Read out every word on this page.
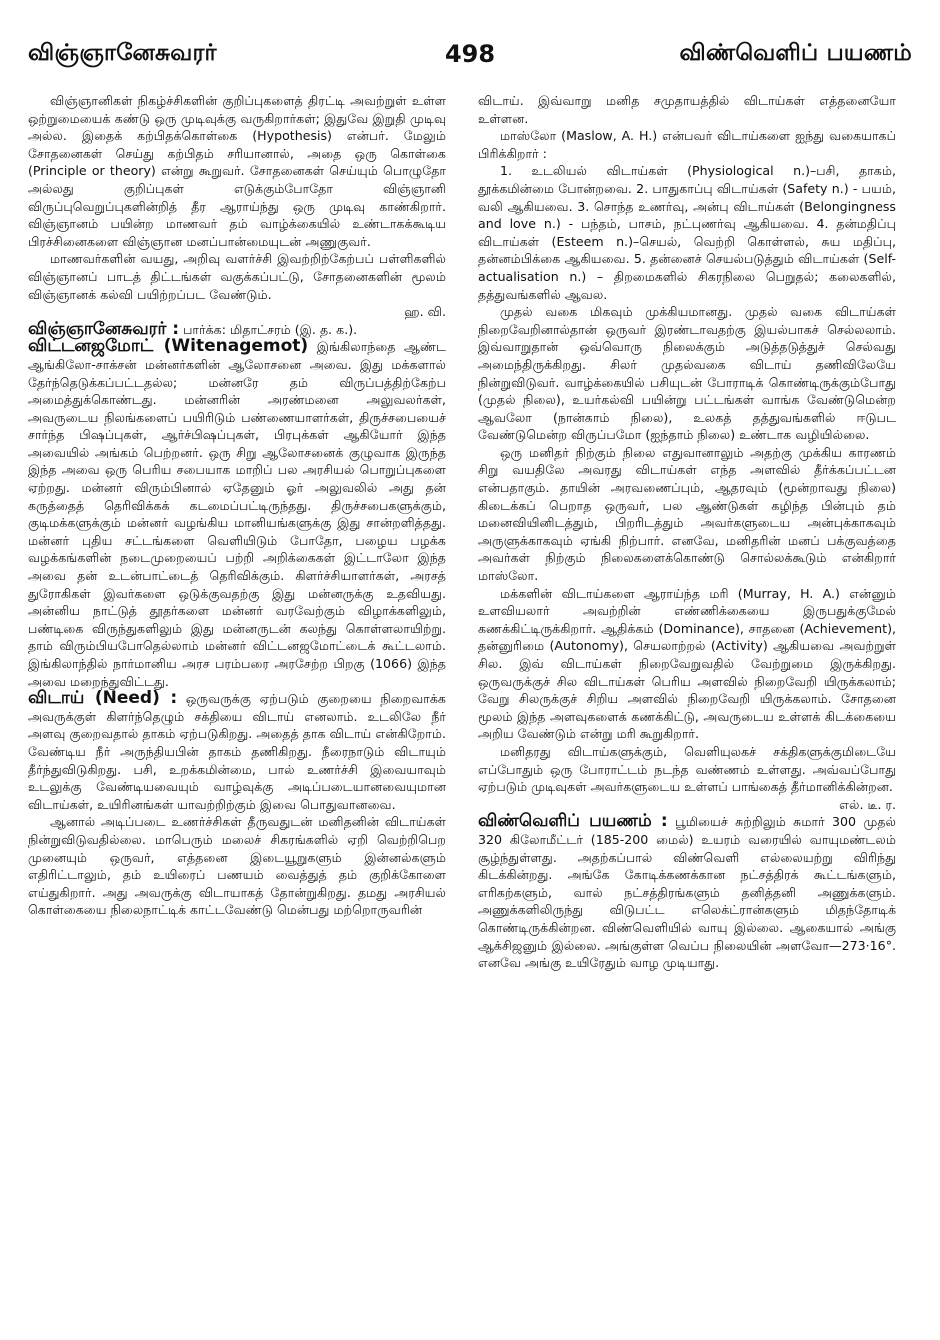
விஞ்ஞானேசுவரர்	498	விண்வெளிப் பயணம்

விஞ்ஞானிகள் நிகழ்ச்சிகளின் குறிப்புகளைத் திரட்டி அவற்றுள் உள்ள ஒற்றுமையைக் கண்டு ஒரு முடிவுக்கு வருகிறார்கள்; இதுவே இறுதி முடிவு அல்ல. இதைக் கற்பிதக்கொள்கை (Hypothesis) என்பர். மேலும் சோதனைகள் செய்து கற்பிதம் சரியானால், அதை ஒரு கொள்கை (Principle or theory) என்று கூறுவர். சோதனைகள் செய்யும் பொழுதோ அல்லது குறிப்புகள் எடுக்கும்போதோ விஞ்ஞானி விருப்புவெறுப்புகளின்றித் தீர ஆராய்ந்து ஒரு முடிவு காண்கிறார். விஞ்ஞானம் பயின்ற மாணவர் தம் வாழ்க்கையில் உண்டாகக்கூடிய பிரச்சினைகளை விஞ்ஞான மனப்பான்மையுடன் அணுகுவர்.

மாணவர்களின் வயது, அறிவு வளர்ச்சி இவற்றிற்கேற்பப் பள்ளிகளில் விஞ்ஞானப் பாடத் திட்டங்கள் வகுக்கப்பட்டு, சோதனைகளின் மூலம் விஞ்ஞானக் கல்வி பயிற்றப்பட வேண்டும்.

ஹ. வி.

விஞ்ஞானேசுவரர் : பார்க்க: மிதாட்சரம் (இ. த. க.).

விட்டனஜமோட் (Witenagemot) இங்கிலாந்தை ஆண்ட ஆங்கிலோ-சாக்சன் மன்னர்களின் ஆலோசனை அவை. இது மக்களால் தேர்ந்தெடுக்கப்பட்டதல்ல; மன்னரே தம் விருப்பத்திற்கேற்ப அமைத்துக்கொண்டது. மன்னரின் அரண்மனை அலுவலர்கள், அவருடைய நிலங்களைப் பயிரிடும் பண்ணையாளர்கள், திருச்சபையைச் சார்ந்த பிஷப்புகள், ஆர்ச்பிஷப்புகள், பிரபுக்கள் ஆகியோர் இந்த அவையில் அங்கம் பெற்றனர். ஒரு சிறு ஆலோசனைக் குழுவாக இருந்த இந்த அவை ஒரு பெரிய சபையாக மாறிப் பல அரசியல் பொறுப்புகளை ஏற்றது. மன்னர் விரும்பினால் ஏதேனும் ஓர் அலுவலில் அது தன் கருத்தைத் தெரிவிக்கக் கடமைப்பட்டிருந்தது. திருச்சபைகளுக்கும், குடிமக்களுக்கும் மன்னர் வழங்கிய மானியங்களுக்கு இது சான்றளித்தது. மன்னர் புதிய சட்டங்களை வெளியிடும் போதோ, பழைய பழக்க வழக்கங்களின் நடைமுறையைப் பற்றி அறிக்கைகள் இட்டாலோ இந்த அவை தன் உடன்பாட்டைத் தெரிவிக்கும். கிளர்ச்சியாளர்கள், அரசத் துரோகிகள் இவர்களை ஒடுக்குவதற்கு இது மன்னருக்கு உதவியது. அன்னிய நாட்டுத் தூதர்களை மன்னர் வரவேற்கும் விழாக்களிலும், பண்டிகை விருந்துகளிலும் இது மன்னருடன் கலந்து கொள்ளலாயிற்று. தாம் விரும்பியபோதெல்லாம் மன்னர் விட்டனஜமோட்டைக் கூட்டலாம். இங்கிலாந்தில் நார்மானிய அரச பரம்பரை அரசேற்ற பிறகு (1066) இந்த அவை மறைந்துவிட்டது.

விடாய் (Need) : ஒருவருக்கு ஏற்படும் குறையை நிறைவாக்க அவருக்குள் கிளர்ந்தெழும் சக்தியை விடாய் எனலாம். உடலிலே நீர் அளவு குறைவதால் தாகம் ஏற்படுகிறது. அதைத் தாக விடாய் என்கிறோம். வேண்டிய நீர் அருந்தியபின் தாகம் தணிகிறது. நீரைநாடும் விடாயும் தீர்ந்துவிடுகிறது. பசி, உறக்கமின்மை, பால் உணர்ச்சி இவையாவும் உடலுக்கு வேண்டியவையும் வாழ்வுக்கு அடிப்படையானவையுமான விடாய்கள், உயிரினங்கள் யாவற்றிற்கும் இவை பொதுவானவை.

ஆனால் அடிப்படை உணர்ச்சிகள் தீருவதுடன் மனிதனின் விடாய்கள் நின்றுவிடுவதில்லை. மாபெரும் மலைச் சிகரங்களில் ஏறி வெற்றிபெற முனையும் ஒருவர், எத்தனை இடையூறுகளும் இன்னல்களும் எதிரிட்டாலும், தம் உயிரைப் பணயம் வைத்துத் தம் குறிக்கோளை எய்துகிறார். அது அவருக்கு விடாயாகத் தோன்றுகிறது. தமது அரசியல் கொள்கையை நிலைநாட்டிக் காட்டவேண்டு மென்பது மற்றொருவரின்

விடாய். இவ்வாறு மனித சமுதாயத்தில் விடாய்கள் எத்தனையோ உள்ளன.

மாஸ்லோ (Maslow, A. H.) என்பவர் விடாய்களை ஐந்து வகையாகப் பிரிக்கிறார் :

1. உடலியல் விடாய்கள் (Physiological n.)–பசி, தாகம், தூக்கமின்மை போன்றவை. 2. பாதுகாப்பு விடாய்கள் (Safety n.) - பயம், வலி ஆகியவை. 3. சொந்த உணர்வு, அன்பு விடாய்கள் (Belongingness and love n.) - பந்தம், பாசம், நட்புணர்வு ஆகியவை. 4. தன்மதிப்பு விடாய்கள் (Esteem n.)–செயல், வெற்றி கொள்ளல், சுய மதிப்பு, தன்னம்பிக்கை ஆகியவை. 5. தன்னைச் செயல்படுத்தும் விடாய்கள் (Self-actualisation n.) – திறமைகளில் சிகரநிலை பெறுதல்; கலைகளில், தத்துவங்களில் ஆவல.

முதல் வகை மிகவும் முக்கியமானது. முதல் வகை விடாய்கள் நிறைவேறினால்தான் ஒருவர் இரண்டாவதற்கு இயல்பாகச் செல்லலாம். இவ்வாறுதான் ஒவ்வொரு நிலைக்கும் அடுத்தடுத்துச் செல்வது அமைந்திருக்கிறது. சிலர் முதல்வகை விடாய் தணிவிலேயே நின்றுவிடுவர். வாழ்க்கையில் பசியுடன் போராடிக் கொண்டிருக்கும்போது (முதல் நிலை), உயர்கல்வி பயின்று பட்டங்கள் வாங்க வேண்டுமென்ற ஆவலோ (நான்காம் நிலை), உலகத் தத்துவங்களில் ஈடுபட வேண்டுமென்ற விருப்பமோ (ஐந்தாம் நிலை) உண்டாக வழியில்லை.

ஒரு மனிதர் நிற்கும் நிலை எதுவானாலும் அதற்கு முக்கிய காரணம் சிறு வயதிலே அவரது விடாய்கள் எந்த அளவில் தீர்க்கப்பட்டன என்பதாகும். தாயின் அரவணைப்பும், ஆதரவும் (மூன்றாவது நிலை) கிடைக்கப் பெறாத ஒருவர், பல ஆண்டுகள் கழிந்த பின்பும் தம் மனைவியினிடத்தும், பிறரிடத்தும் அவர்களுடைய அன்புக்காகவும் அருளுக்காகவும் ஏங்கி நிற்பார். எனவே, மனிதரின் மனப் பக்குவத்தை அவர்கள் நிற்கும் நிலைகளைக்கொண்டு சொல்லக்கூடும் என்கிறார் மாஸ்லோ.

மக்களின் விடாய்களை ஆராய்ந்த மரி (Murray, H. A.) என்னும் உளவியலார் அவற்றின் எண்ணிக்கையை இருபதுக்குமேல் கணக்கிட்டிருக்கிறார். ஆதிக்கம் (Dominance), சாதனை (Achievement), தன்னுரிமை (Autonomy), செயலாற்றல் (Activity) ஆகியவை அவற்றுள் சில. இவ் விடாய்கள் நிறைவேறுவதில் வேற்றுமை இருக்கிறது. ஒருவருக்குச் சில விடாய்கள் பெரிய அளவில் நிறைவேறி யிருக்கலாம்; வேறு சிலருக்குச் சிறிய அளவில் நிறைவேறி யிருக்கலாம். சோதனை மூலம் இந்த அளவுகளைக் கணக்கிட்டு, அவருடைய உள்ளக் கிடக்கையை அறிய வேண்டும் என்று மரி கூறுகிறார்.

மனிதரது விடாய்களுக்கும், வெளியுலகச் சக்திகளுக்குமிடையே எப்போதும் ஒரு போராட்டம் நடந்த வண்ணம் உள்ளது. அவ்வப்போது ஏற்படும் முடிவுகள் அவர்களுடைய உள்ளப் பாங்கைத் தீர்மானிக்கின்றன.

எல். டீ. ர.

விண்வெளிப் பயணம் : பூமியைச் சுற்றிலும் சுமார் 300 முதல் 320 கிலோமீட்டர் (185-200 மைல்) உயரம் வரையில் வாயுமண்டலம் சூழ்ந்துள்ளது. அதற்கப்பால் விண்வெளி எல்லையற்று விரிந்து கிடக்கின்றது. அங்கே கோடிக்கணக்கான நட்சத்திரக் கூட்டங்களும், எரிகற்களும், வால் நட்சத்திரங்களும் தனித்தனி அணுக்களும். அணுக்களிலிருந்து விடுபட்ட எலெக்ட்ரான்களும் மிதந்தோடிக் கொண்டிருக்கின்றன. விண்வெளியில் வாயு இல்லை. ஆகையால் அங்கு ஆக்சிஜனும் இல்லை. அங்குள்ள வெப்ப நிலையின் அளவோ—273·16°. எனவே அங்கு உயிரேதும் வாழ முடியாது.
